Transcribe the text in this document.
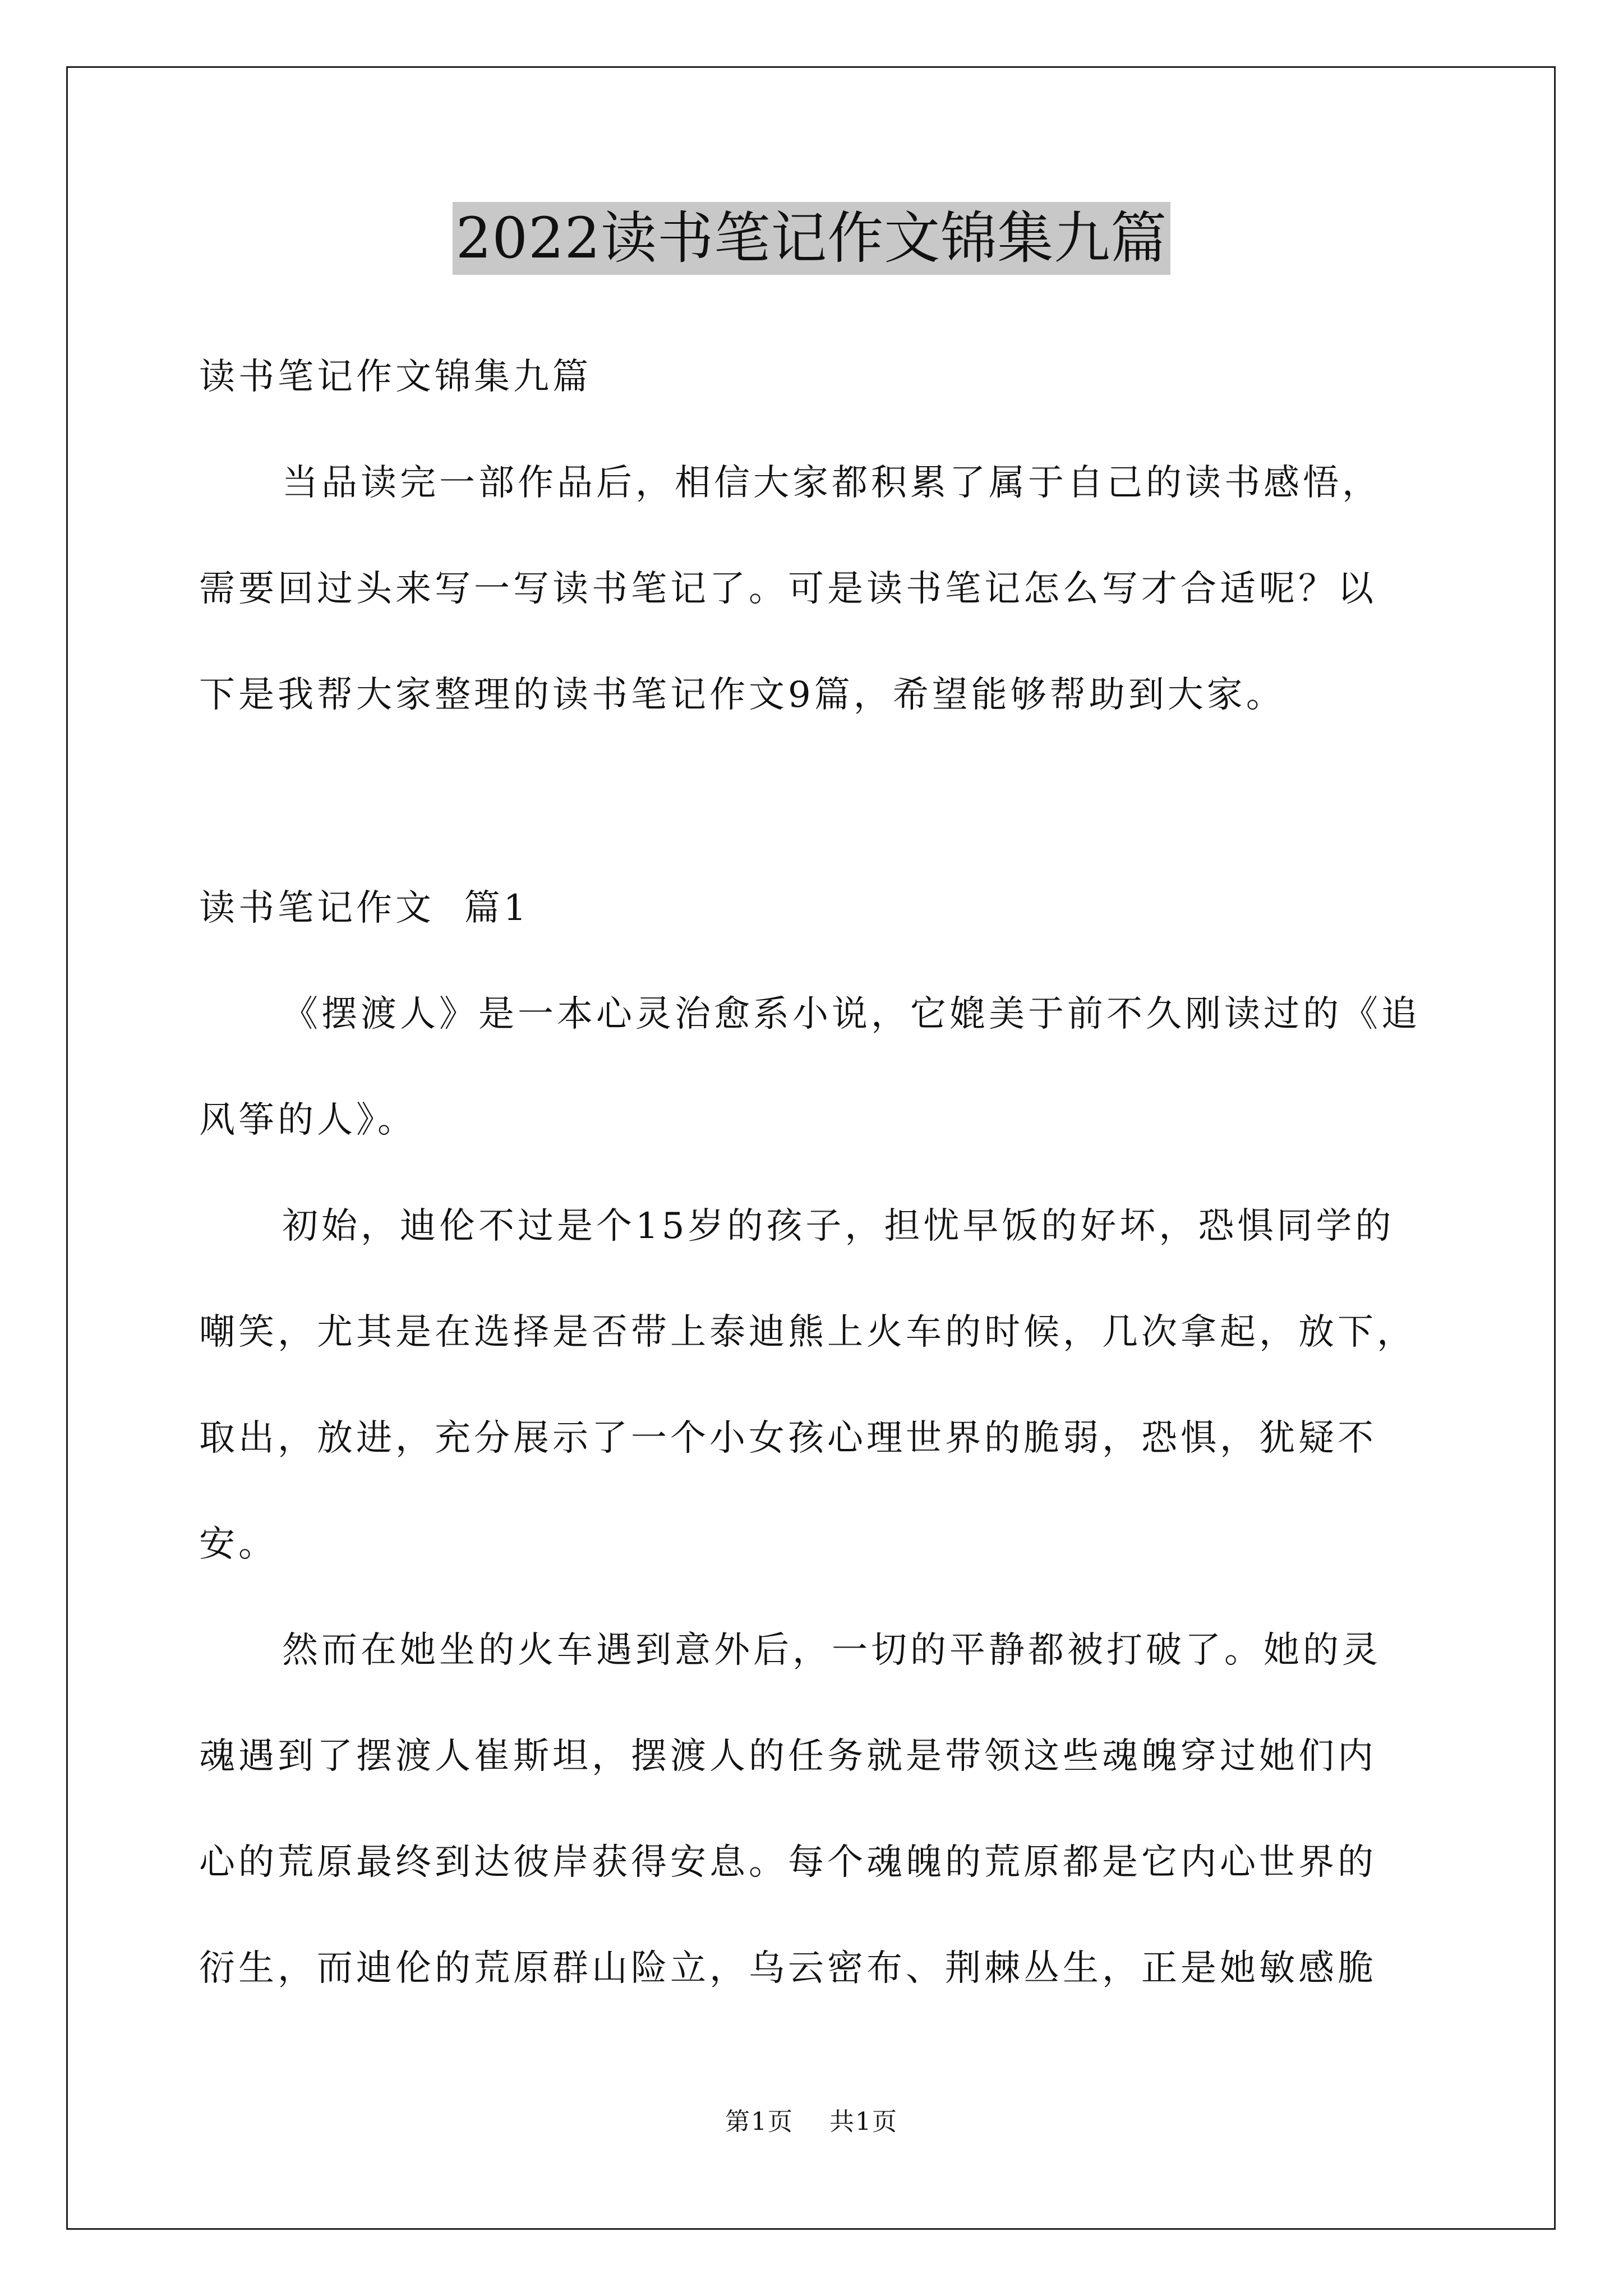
2022读书笔记作文锦集九篇
读书笔记作文锦集九篇
当品读完一部作品后，相信大家都积累了属于自己的读书感悟，
需要回过头来写一写读书笔记了。可是读书笔记怎么写才合适呢？以
下是我帮大家整理的读书笔记作文9篇，希望能够帮助到大家。
读书笔记作文  篇1
《摆渡人》是一本心灵治愈系小说，它媲美于前不久刚读过的《追
风筝的人》。
初始，迪伦不过是个15岁的孩子，担忧早饭的好坏，恐惧同学的
嘲笑，尤其是在选择是否带上泰迪熊上火车的时候，几次拿起，放下，
取出，放进，充分展示了一个小女孩心理世界的脆弱，恐惧，犹疑不
安。
然而在她坐的火车遇到意外后，一切的平静都被打破了。她的灵
魂遇到了摆渡人崔斯坦，摆渡人的任务就是带领这些魂魄穿过她们内
心的荒原最终到达彼岸获得安息。每个魂魄的荒原都是它内心世界的
衍生，而迪伦的荒原群山险立，乌云密布、荆棘丛生，正是她敏感脆
第1页    共1页
